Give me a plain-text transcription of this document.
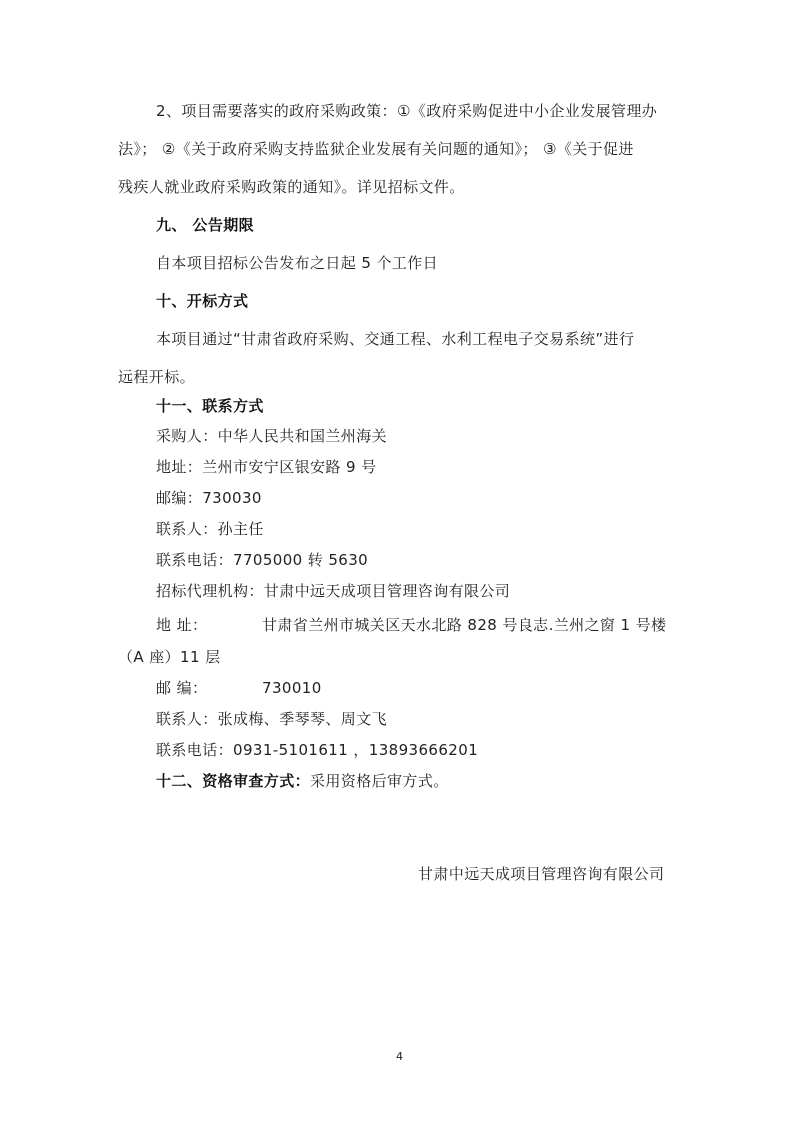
2、项目需要落实的政府采购政策：①《政府采购促进中小企业发展管理办
法》； ②《关于政府采购支持监狱企业发展有关问题的通知》； ③《关于促进
残疾人就业政府采购政策的通知》。详见招标文件。
九、 公告期限
自本项目招标公告发布之日起 5 个工作日
十、开标方式
本项目通过“甘肃省政府采购、交通工程、水利工程电子交易系统”进行
远程开标。
十一、联系方式
采购人：中华人民共和国兰州海关
地址：兰州市安宁区银安路 9 号
邮编：730030
联系人：孙主任
联系电话：7705000 转 5630
招标代理机构：甘肃中远天成项目管理咨询有限公司
地 址：	甘肃省兰州市城关区天水北路 828 号良志.兰州之窗 1 号楼
（A 座）11 层
邮 编：	730010
联系人：张成梅、季琴琴、周文飞
联系电话：0931-5101611 ，13893666201
十二、资格审查方式：采用资格后审方式。
甘肃中远天成项目管理咨询有限公司
4
